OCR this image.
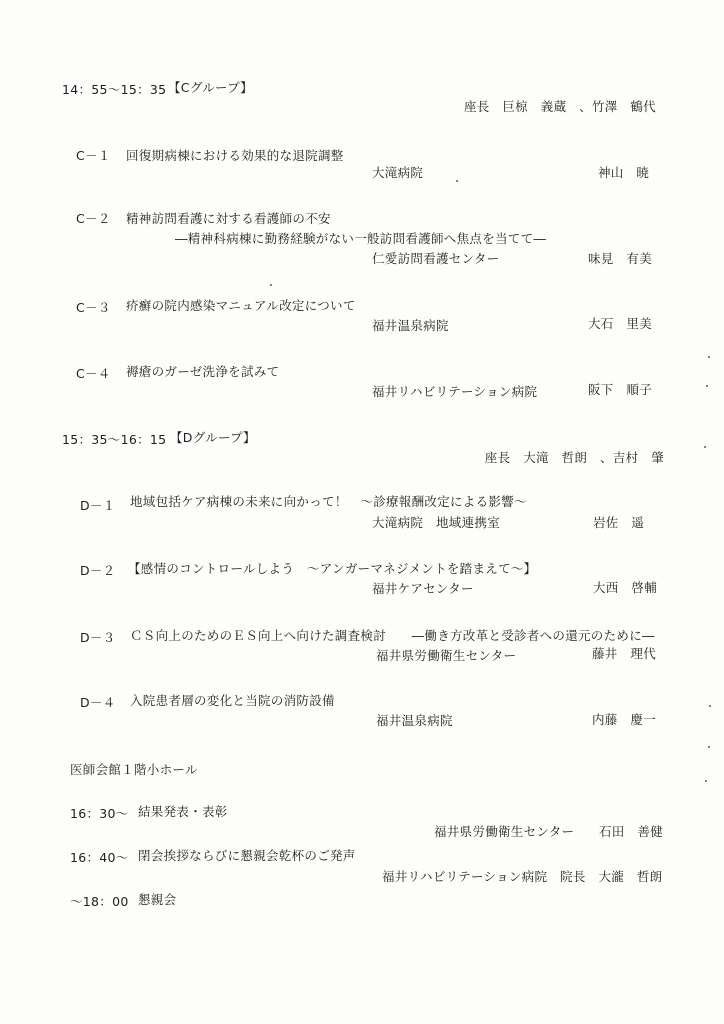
14：55～15：35 【Cグループ】
座長　巨椋　義蔵　、竹澤　鶴代
C－１ 回復期病棟における効果的な退院調整
大滝病院	神山　暁
C－２ 精神訪問看護に対する看護師の不安
―精神科病棟に勤務経験がない一般訪問看護師へ焦点を当てて―
仁愛訪問看護センター	味見　有美
C－３ 疥癬の院内感染マニュアル改定について
福井温泉病院	大石　里美
C－４ 褥瘡のガーゼ洗浄を試みて
福井リハビリテーション病院	阪下　順子
15：35～16：15 【Dグループ】
座長　大滝　哲朗　、吉村　肇
D－１ 地域包括ケア病棟の未来に向かって！　～診療報酬改定による影響～
大滝病院　地域連携室	岩佐　遥
D－２ 【感情のコントロールしよう　～アンガーマネジメントを踏まえて～】
福井ケアセンター	大西　啓輔
D－３ ＣＳ向上のためのＥＳ向上へ向けた調査検討　　―働き方改革と受診者への還元のために―
福井県労働衛生センター	藤井　理代
D－４ 入院患者層の変化と当院の消防設備
福井温泉病院	内藤　慶一
医師会館１階小ホール
16：30～ 結果発表・表彰
福井県労働衛生センター 石田　善健
16：40～ 閉会挨拶ならびに懇親会乾杯のご発声
福井リハビリテーション病院　院長　大瀧　哲朗
～18：00 懇親会
